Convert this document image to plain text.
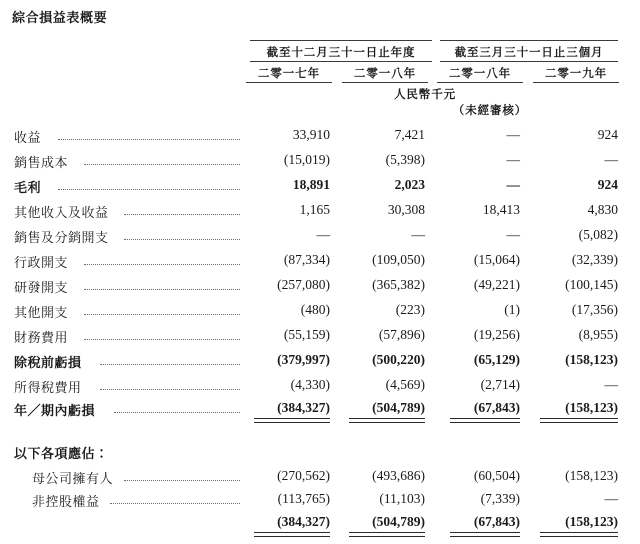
綜合損益表概要
截至十二月三十一日止年度	截至三月三十一日止三個月
二零一七年	二零一八年	二零一八年	二零一九年
人民幣千元
（未經審核）
收益	33,910	7,421	—	924
銷售成本	(15,019)	(5,398)	—	—
毛利	18,891	2,023	—	924
其他收入及收益	1,165	30,308	18,413	4,830
銷售及分銷開支	—	—	—	(5,082)
行政開支	(87,334)	(109,050)	(15,064)	(32,339)
研發開支	(257,080)	(365,382)	(49,221)	(100,145)
其他開支	(480)	(223)	(1)	(17,356)
財務費用	(55,159)	(57,896)	(19,256)	(8,955)
除稅前虧損	(379,997)	(500,220)	(65,129)	(158,123)
所得稅費用	(4,330)	(4,569)	(2,714)	—
年／期內虧損	(384,327)	(504,789)	(67,843)	(158,123)
以下各項應佔：
母公司擁有人	(270,562)	(493,686)	(60,504)	(158,123)
非控股權益	(113,765)	(11,103)	(7,339)	—
(384,327)	(504,789)	(67,843)	(158,123)
